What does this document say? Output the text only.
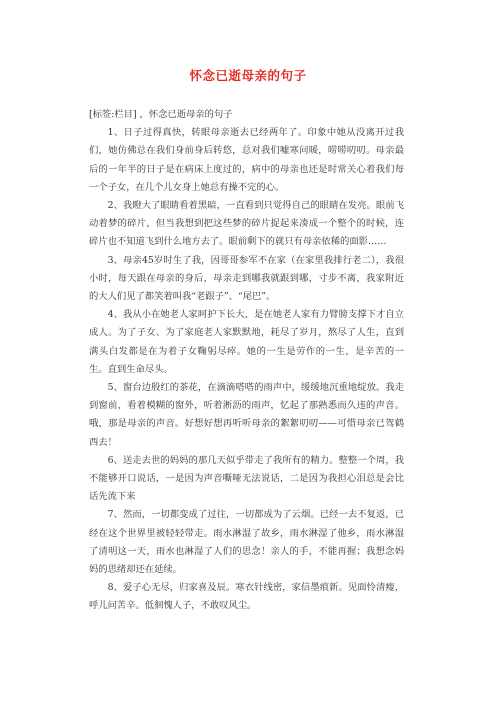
怀念已逝母亲的句子

[标签:栏目] ，怀念已逝母亲的句子

1、日子过得真快，转眼母亲逝去已经两年了。印象中她从没离开过我们，她仿佛总在我们身前身后转悠，总对我们嘘寒问暖，唠唠叨叨。母亲最后的一年半的日子是在病床上度过的，病中的母亲也还是时常关心着我们每一个子女，在几个儿女身上她总有操不完的心。

2、我瞪大了眼睛看着黑暗，一直看到只觉得自己的眼睛在发亮。眼前飞动着梦的碎片，但当我想到把这些梦的碎片捉起来凑成一个整个的时候，连碎片也不知道飞到什么地方去了。眼前剩下的就只有母亲依稀的面影……

3、母亲45岁时生了我，因哥哥参军不在家（在家里我排行老二），我很小时，每天跟在母亲的身后，母亲走到哪我就跟到哪，寸步不离，我家附近的大人们见了都笑着叫我“老跟子”、“尾巴”。

4、我从小在她老人家呵护下长大，是在她老人家有力臂膀支撑下才自立成人。为了子女、为了家庭老人家默默地，耗尽了岁月，熬尽了人生，直到满头白发都是在为着子女鞠躬尽瘁。她的一生是劳作的一生，是辛苦的一生。直到生命尽头。

5、窗台边殷红的茶花，在滴滴嗒嗒的雨声中，缓缓地沉重地绽放。我走到窗前，看着模糊的窗外，听着淅沥的雨声，忆起了那熟悉而久违的声音。哦，那是母亲的声音。好想好想再听听母亲的絮絮叨叨——可惜母亲已驾鹤西去！

6、送走去世的妈妈的那几天似乎带走了我所有的精力。整整一个周，我不能够开口说话，一是因为声音嘶哑无法说话，二是因为我担心泪总是会比话先流下来

7、然而，一切都变成了过往，一切都成为了云烟。已经一去不复返，已经在这个世界里被轻轻带走。雨水淋湿了故乡，雨水淋湿了他乡，雨水淋湿了清明这一天，雨水也淋湿了人们的思念！亲人的手，不能再握；我想念妈妈的思绪却还在延续。

8、爱子心无尽，归家喜及辰。寒衣针线密，家信墨痕新。见面怜清瘦，呼儿问苦辛。低徊愧人子，不敢叹风尘。
